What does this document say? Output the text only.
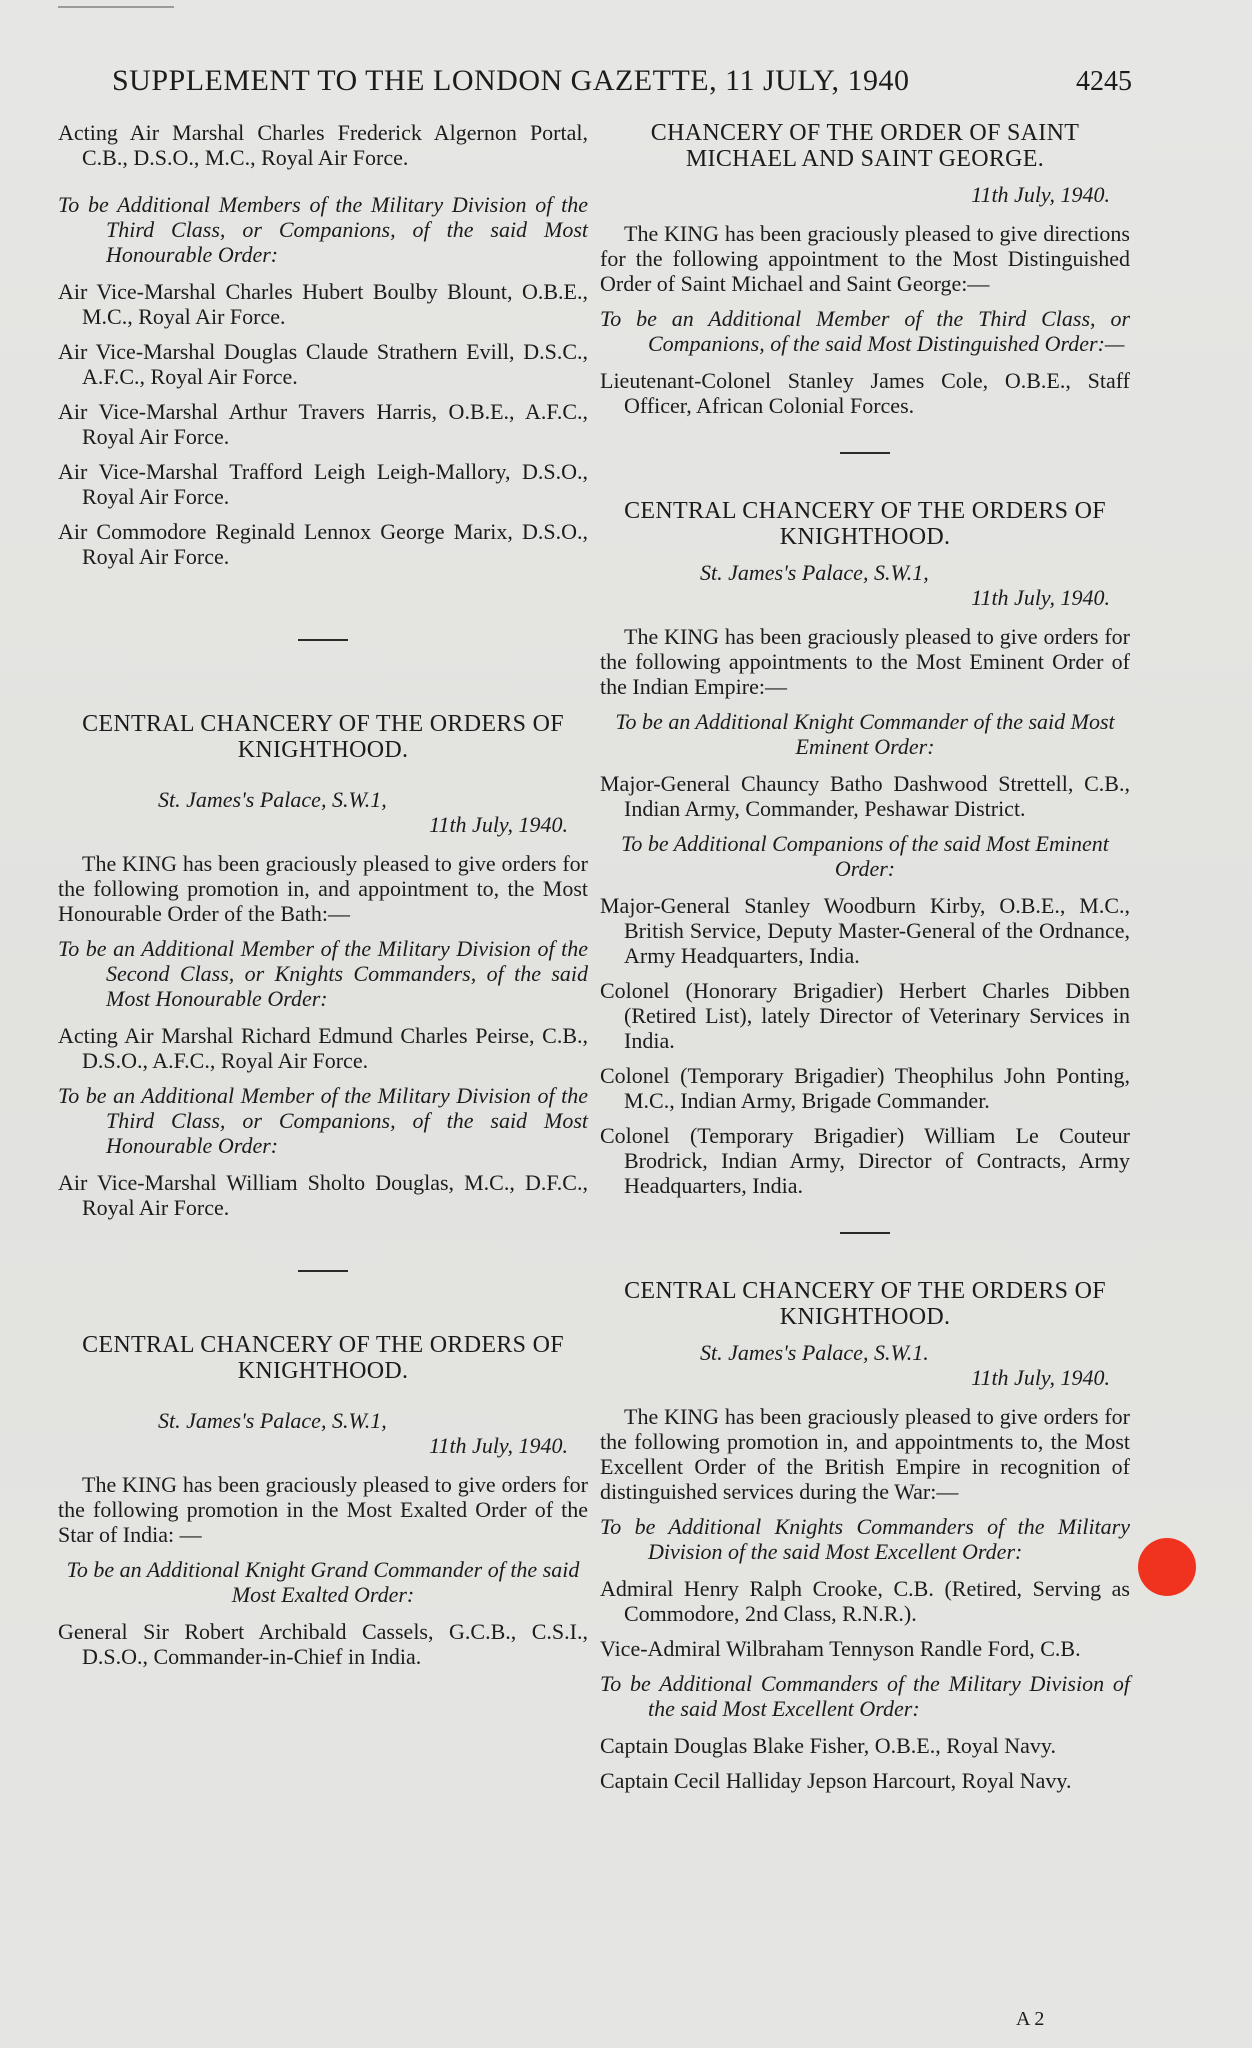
SUPPLEMENT TO THE LONDON GAZETTE, 11 JULY, 1940	4245

Acting Air Marshal Charles Frederick Algernon Portal, C.B., D.S.O., M.C., Royal Air Force.

To be Additional Members of the Military Division of the Third Class, or Companions, of the said Most Honourable Order:

Air Vice-Marshal Charles Hubert Boulby Blount, O.B.E., M.C., Royal Air Force.

Air Vice-Marshal Douglas Claude Strathern Evill, D.S.C., A.F.C., Royal Air Force.

Air Vice-Marshal Arthur Travers Harris, O.B.E., A.F.C., Royal Air Force.

Air Vice-Marshal Trafford Leigh Leigh-Mallory, D.S.O., Royal Air Force.

Air Commodore Reginald Lennox George Marix, D.S.O., Royal Air Force.

CENTRAL CHANCERY OF THE ORDERS OF KNIGHTHOOD.

St. James's Palace, S.W.1,
11th July, 1940.

The KING has been graciously pleased to give orders for the following promotion in, and appointment to, the Most Honourable Order of the Bath:—

To be an Additional Member of the Military Division of the Second Class, or Knights Commanders, of the said Most Honourable Order:

Acting Air Marshal Richard Edmund Charles Peirse, C.B., D.S.O., A.F.C., Royal Air Force.

To be an Additional Member of the Military Division of the Third Class, or Companions, of the said Most Honourable Order:

Air Vice-Marshal William Sholto Douglas, M.C., D.F.C., Royal Air Force.

CENTRAL CHANCERY OF THE ORDERS OF KNIGHTHOOD.

St. James's Palace, S.W.1,
11th July, 1940.

The KING has been graciously pleased to give orders for the following promotion in the Most Exalted Order of the Star of India: —

To be an Additional Knight Grand Commander of the said Most Exalted Order:

General Sir Robert Archibald Cassels, G.C.B., C.S.I., D.S.O., Commander-in-Chief in India.

CHANCERY OF THE ORDER OF SAINT MICHAEL AND SAINT GEORGE.

11th July, 1940.

The KING has been graciously pleased to give directions for the following appointment to the Most Distinguished Order of Saint Michael and Saint George:—

To be an Additional Member of the Third Class, or Companions, of the said Most Distinguished Order:—

Lieutenant-Colonel Stanley James Cole, O.B.E., Staff Officer, African Colonial Forces.

CENTRAL CHANCERY OF THE ORDERS OF KNIGHTHOOD.

St. James's Palace, S.W.1,
11th July, 1940.

The KING has been graciously pleased to give orders for the following appointments to the Most Eminent Order of the Indian Empire:—

To be an Additional Knight Commander of the said Most Eminent Order:

Major-General Chauncy Batho Dashwood Strettell, C.B., Indian Army, Commander, Peshawar District.

To be Additional Companions of the said Most Eminent Order:

Major-General Stanley Woodburn Kirby, O.B.E., M.C., British Service, Deputy Master-General of the Ordnance, Army Headquarters, India.

Colonel (Honorary Brigadier) Herbert Charles Dibben (Retired List), lately Director of Veterinary Services in India.

Colonel (Temporary Brigadier) Theophilus John Ponting, M.C., Indian Army, Brigade Commander.

Colonel (Temporary Brigadier) William Le Couteur Brodrick, Indian Army, Director of Contracts, Army Headquarters, India.

CENTRAL CHANCERY OF THE ORDERS OF KNIGHTHOOD.

St. James's Palace, S.W.1.
11th July, 1940.

The KING has been graciously pleased to give orders for the following promotion in, and appointments to, the Most Excellent Order of the British Empire in recognition of distinguished services during the War:—

To be Additional Knights Commanders of the Military Division of the said Most Excellent Order:

Admiral Henry Ralph Crooke, C.B. (Retired, Serving as Commodore, 2nd Class, R.N.R.).

Vice-Admiral Wilbraham Tennyson Randle Ford, C.B.

To be Additional Commanders of the Military Division of the said Most Excellent Order:

Captain Douglas Blake Fisher, O.B.E., Royal Navy.

Captain Cecil Halliday Jepson Harcourt, Royal Navy.

A 2
